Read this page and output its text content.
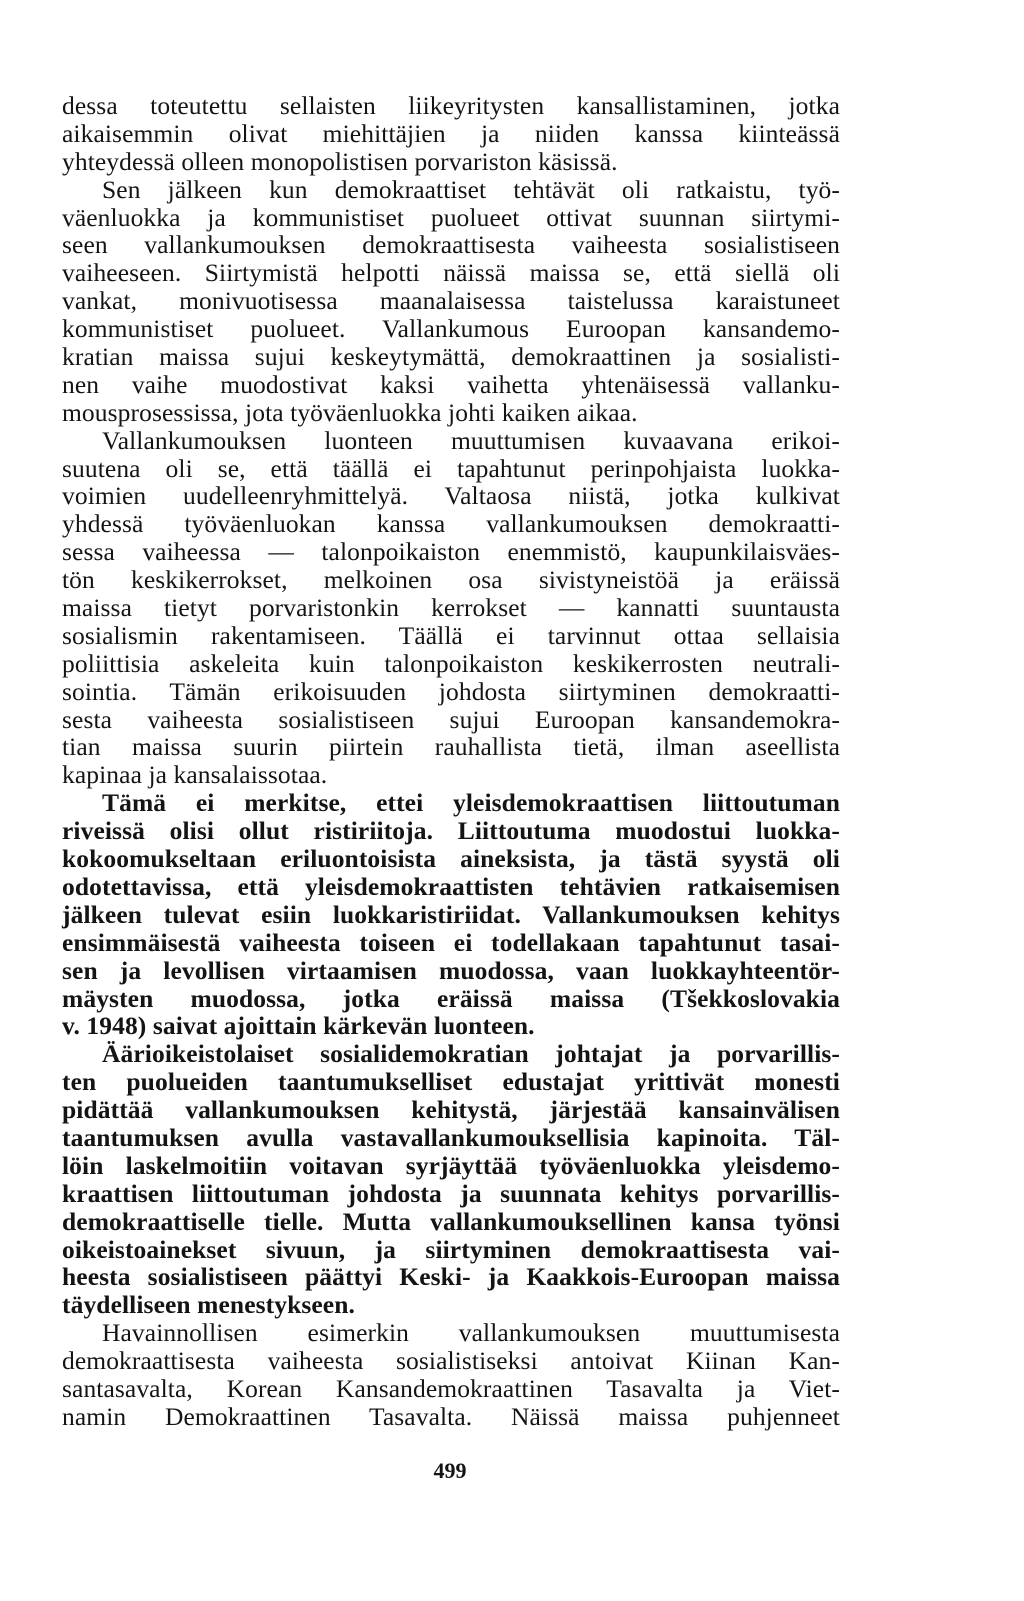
dessa toteutettu sellaisten liikeyritysten kansallistaminen, jotka
aikaisemmin olivat miehittäjien ja niiden kanssa kiinteässä
yhteydessä olleen monopolistisen porvariston käsissä.
Sen jälkeen kun demokraattiset tehtävät oli ratkaistu, työ-
väenluokka ja kommunistiset puolueet ottivat suunnan siirtymi-
seen vallankumouksen demokraattisesta vaiheesta sosialistiseen
vaiheeseen. Siirtymistä helpotti näissä maissa se, että siellä oli
vankat, monivuotisessa maanalaisessa taistelussa karaistuneet
kommunistiset puolueet. Vallankumous Euroopan kansandemo-
kratian maissa sujui keskeytymättä, demokraattinen ja sosialisti-
nen vaihe muodostivat kaksi vaihetta yhtenäisessä vallanku-
mousprosessissa, jota työväenluokka johti kaiken aikaa.
Vallankumouksen luonteen muuttumisen kuvaavana erikoi-
suutena oli se, että täällä ei tapahtunut perinpohjaista luokka-
voimien uudelleenryhmittelyä. Valtaosa niistä, jotka kulkivat
yhdessä työväenluokan kanssa vallankumouksen demokraatti-
sessa vaiheessa — talonpoikaiston enemmistö, kaupunkilaisväes-
tön keskikerrokset, melkoinen osa sivistyneistöä ja eräissä
maissa tietyt porvaristonkin kerrokset — kannatti suuntausta
sosialismin rakentamiseen. Täällä ei tarvinnut ottaa sellaisia
poliittisia askeleita kuin talonpoikaiston keskikerrosten neutrali-
sointia. Tämän erikoisuuden johdosta siirtyminen demokraatti-
sesta vaiheesta sosialistiseen sujui Euroopan kansandemokra-
tian maissa suurin piirtein rauhallista tietä, ilman aseellista
kapinaa ja kansalaissotaa.
Tämä ei merkitse, ettei yleisdemokraattisen liittoutuman
riveissä olisi ollut ristiriitoja. Liittoutuma muodostui luokka-
kokoomukseltaan eriluontoisista aineksista, ja tästä syystä oli
odotettavissa, että yleisdemokraattisten tehtävien ratkaisemisen
jälkeen tulevat esiin luokkaristiriidat. Vallankumouksen kehitys
ensimmäisestä vaiheesta toiseen ei todellakaan tapahtunut tasai-
sen ja levollisen virtaamisen muodossa, vaan luokkayhteentör-
mäysten muodossa, jotka eräissä maissa (Tšekkoslovakia
v. 1948) saivat ajoittain kärkevän luonteen.
Äärioikeistolaiset sosialidemokratian johtajat ja porvarillis-
ten puolueiden taantumukselliset edustajat yrittivät monesti
pidättää vallankumouksen kehitystä, järjestää kansainvälisen
taantumuksen avulla vastavallankumouksellisia kapinoita. Täl-
löin laskelmoitiin voitavan syrjäyttää työväenluokka yleisdemo-
kraattisen liittoutuman johdosta ja suunnata kehitys porvarillis-
demokraattiselle tielle. Mutta vallankumouksellinen kansa työnsi
oikeistoainekset sivuun, ja siirtyminen demokraattisesta vai-
heesta sosialistiseen päättyi Keski- ja Kaakkois-Euroopan maissa
täydelliseen menestykseen.
Havainnollisen esimerkin vallankumouksen muuttumisesta
demokraattisesta vaiheesta sosialistiseksi antoivat Kiinan Kan-
santasavalta, Korean Kansandemokraattinen Tasavalta ja Viet-
namin Demokraattinen Tasavalta. Näissä maissa puhjenneet
499
